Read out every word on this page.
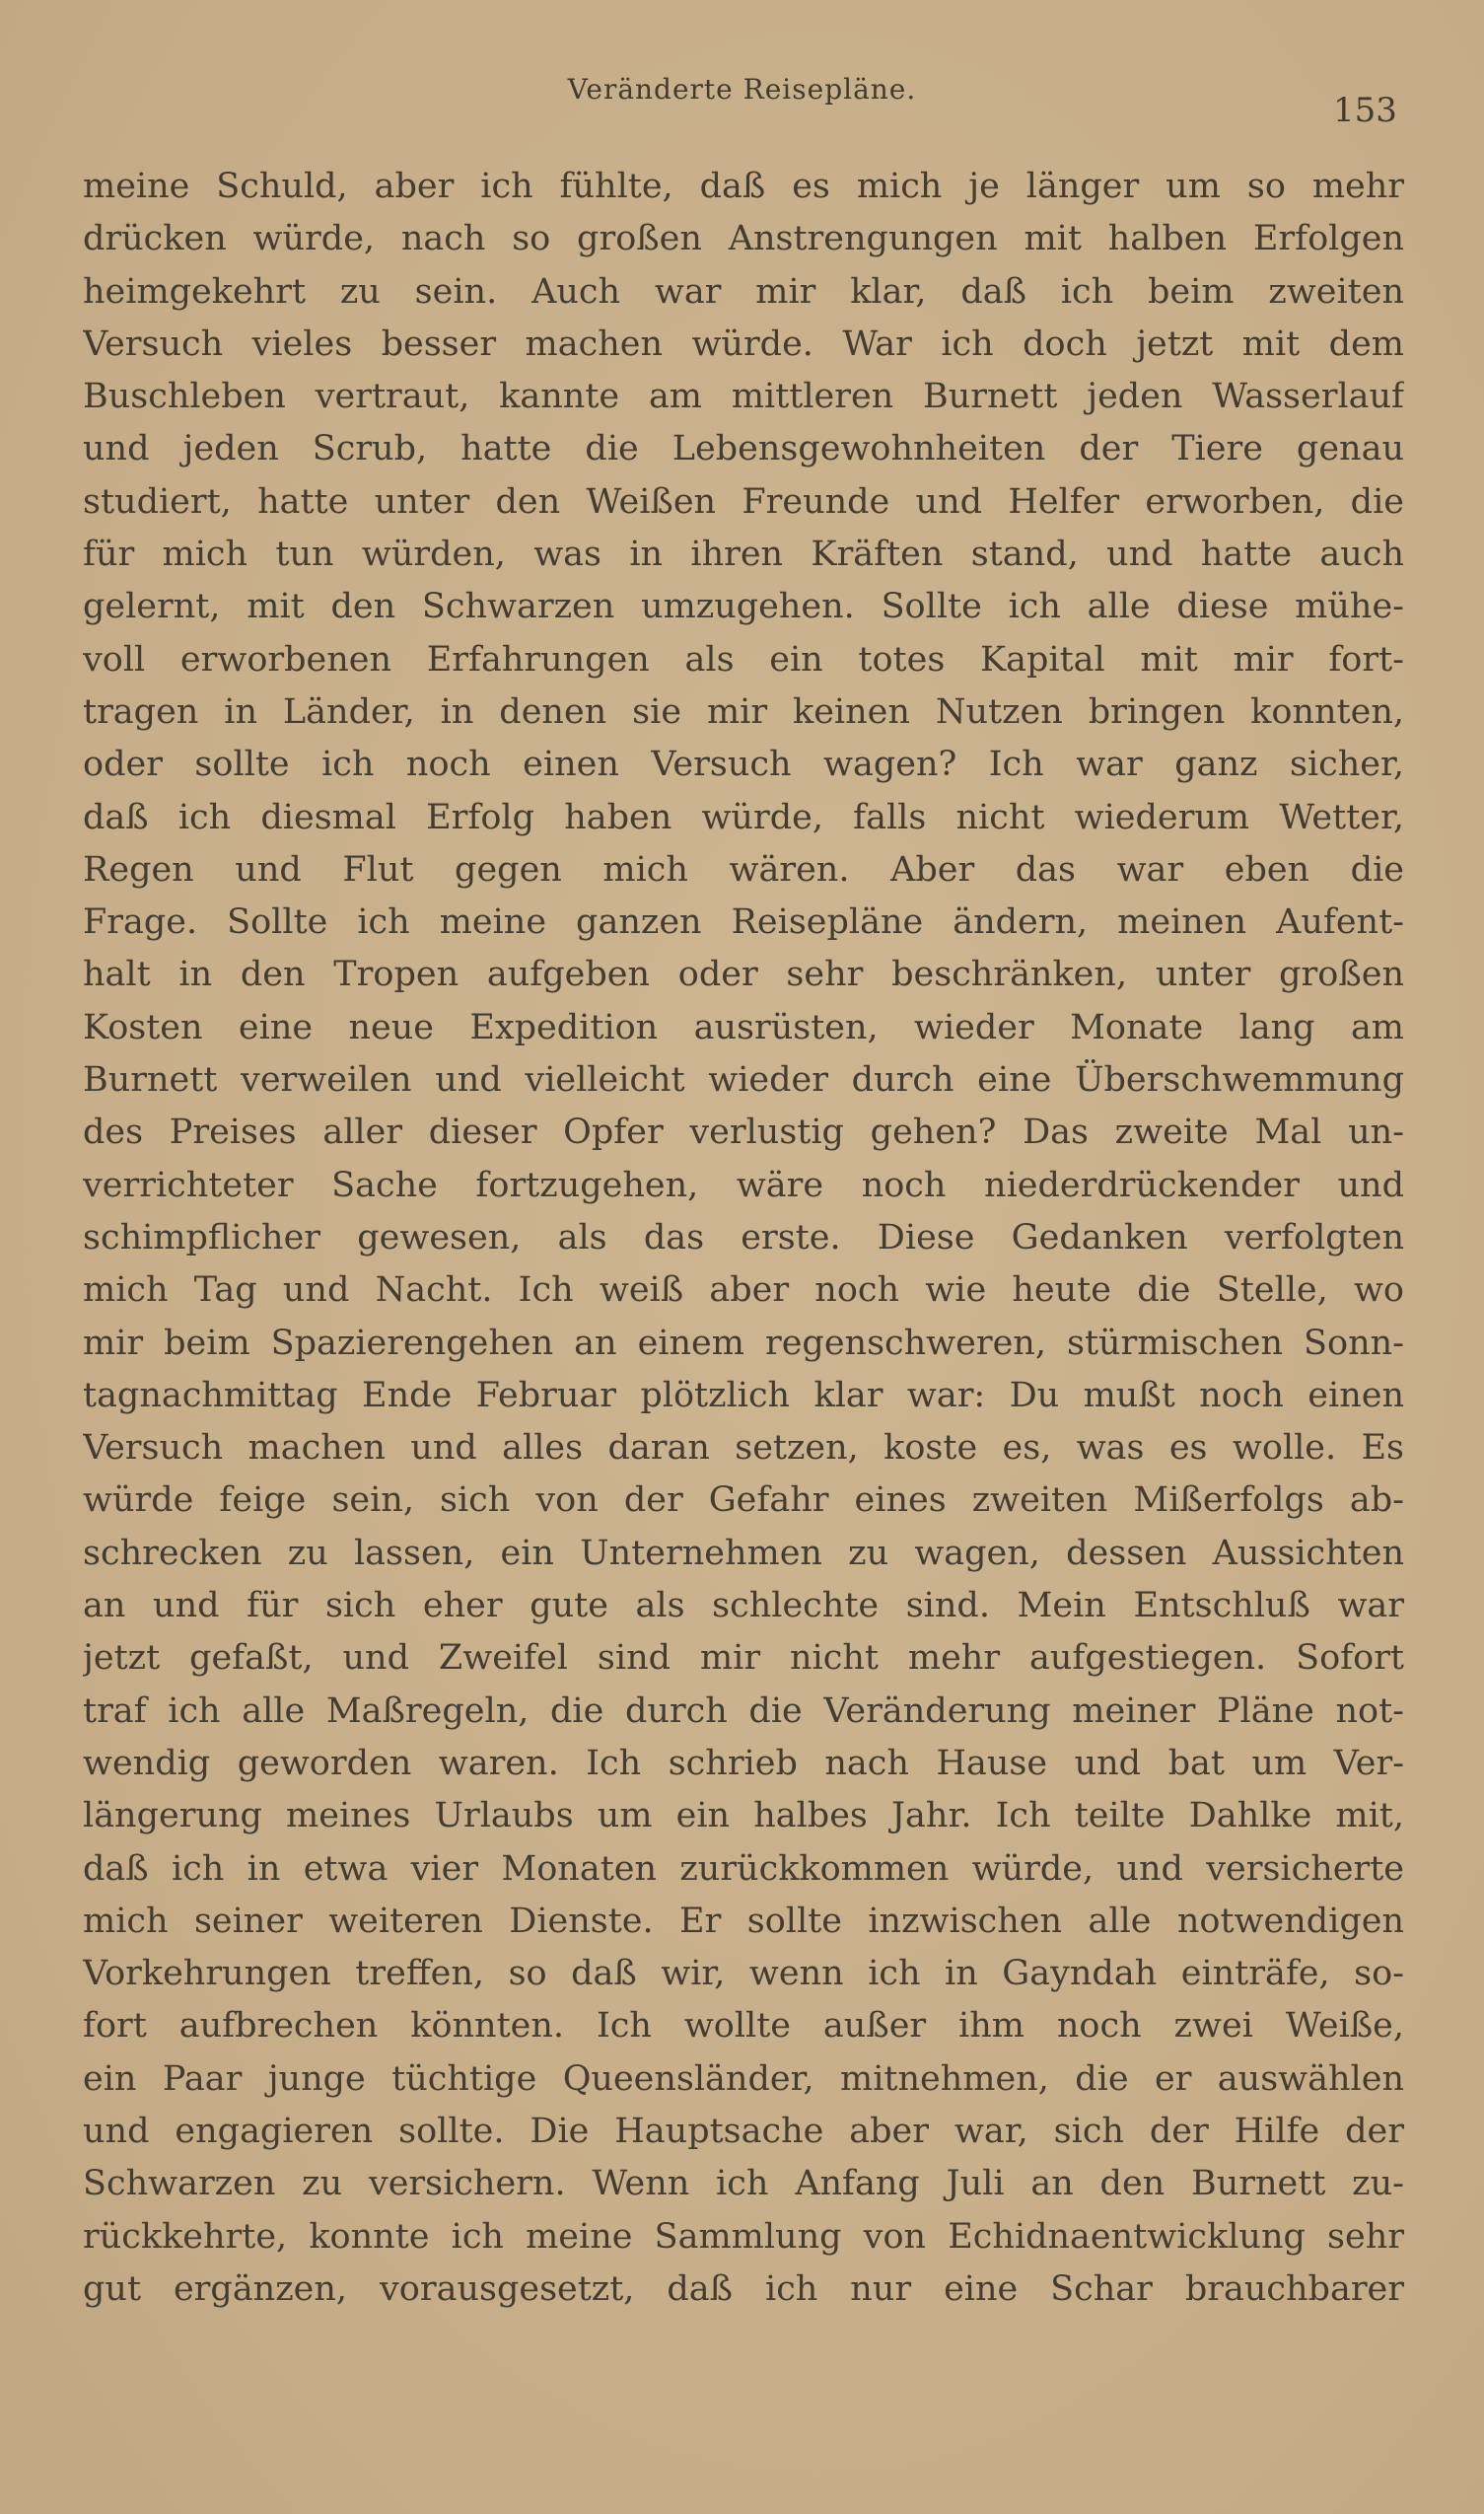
Veränderte Reisepläne.
153
meine Schuld, aber ich fühlte, daß es mich je länger um so mehr
drücken würde, nach so großen Anstrengungen mit halben Erfolgen
heimgekehrt zu sein. Auch war mir klar, daß ich beim zweiten
Versuch vieles besser machen würde. War ich doch jetzt mit dem
Buschleben vertraut, kannte am mittleren Burnett jeden Wasserlauf
und jeden Scrub, hatte die Lebensgewohnheiten der Tiere genau
studiert, hatte unter den Weißen Freunde und Helfer erworben, die
für mich tun würden, was in ihren Kräften stand, und hatte auch
gelernt, mit den Schwarzen umzugehen. Sollte ich alle diese mühe-
voll erworbenen Erfahrungen als ein totes Kapital mit mir fort-
tragen in Länder, in denen sie mir keinen Nutzen bringen konnten,
oder sollte ich noch einen Versuch wagen? Ich war ganz sicher,
daß ich diesmal Erfolg haben würde, falls nicht wiederum Wetter,
Regen und Flut gegen mich wären. Aber das war eben die
Frage. Sollte ich meine ganzen Reisepläne ändern, meinen Aufent-
halt in den Tropen aufgeben oder sehr beschränken, unter großen
Kosten eine neue Expedition ausrüsten, wieder Monate lang am
Burnett verweilen und vielleicht wieder durch eine Überschwemmung
des Preises aller dieser Opfer verlustig gehen? Das zweite Mal un-
verrichteter Sache fortzugehen, wäre noch niederdrückender und
schimpflicher gewesen, als das erste. Diese Gedanken verfolgten
mich Tag und Nacht. Ich weiß aber noch wie heute die Stelle, wo
mir beim Spazierengehen an einem regenschweren, stürmischen Sonn-
tagnachmittag Ende Februar plötzlich klar war: Du mußt noch einen
Versuch machen und alles daran setzen, koste es, was es wolle. Es
würde feige sein, sich von der Gefahr eines zweiten Mißerfolgs ab-
schrecken zu lassen, ein Unternehmen zu wagen, dessen Aussichten
an und für sich eher gute als schlechte sind. Mein Entschluß war
jetzt gefaßt, und Zweifel sind mir nicht mehr aufgestiegen. Sofort
traf ich alle Maßregeln, die durch die Veränderung meiner Pläne not-
wendig geworden waren. Ich schrieb nach Hause und bat um Ver-
längerung meines Urlaubs um ein halbes Jahr. Ich teilte Dahlke mit,
daß ich in etwa vier Monaten zurückkommen würde, und versicherte
mich seiner weiteren Dienste. Er sollte inzwischen alle notwendigen
Vorkehrungen treffen, so daß wir, wenn ich in Gayndah einträfe, so-
fort aufbrechen könnten. Ich wollte außer ihm noch zwei Weiße,
ein Paar junge tüchtige Queensländer, mitnehmen, die er auswählen
und engagieren sollte. Die Hauptsache aber war, sich der Hilfe der
Schwarzen zu versichern. Wenn ich Anfang Juli an den Burnett zu-
rückkehrte, konnte ich meine Sammlung von Echidnaentwicklung sehr
gut ergänzen, vorausgesetzt, daß ich nur eine Schar brauchbarer
